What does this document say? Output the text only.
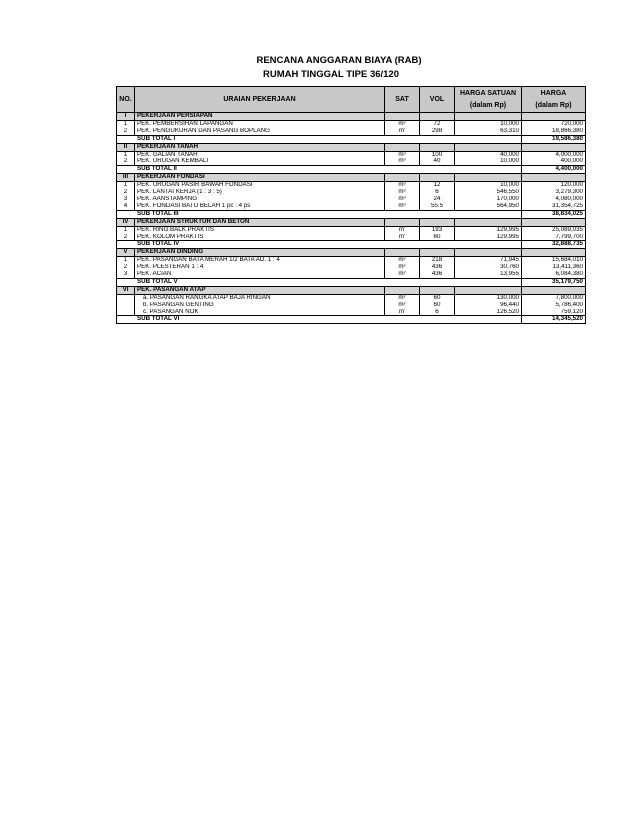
RENCANA ANGGARAN BIAYA (RAB)
RUMAH TINGGAL TIPE 36/120
NO.	URAIAN PEKERJAAN	SAT	VOL	HARGA SATUAN	HARGA
				(dalam Rp)	(dalam Rp)
I	PEKERJAAN PERSIAPAN				
1	PEK. PEMBERSIHAN LAPANGAN	m²	72	10,000	720,000
2	PEK. PENGUKURAN DAN PASANG BOPLANG	m'	298	63,310	18,866,380
SUB TOTAL I					19,586,380
II	PEKERJAAN TANAH				
1	PEK. GALIAN TANAH	m³	100	40,000	4,000,000
2	PEK. URUGAN KEMBALI	m³	40	10,000	400,000
SUB TOTAL II					4,400,000
III	PEKERJAAN FONDASI				
1	PEK. URUGAN PASIR BAWAH FONDASI	m³	12	10,000	120,000
2	PEK. LANTAI KERJA (1 : 3 : 5)	m³	6	546,550	3,279,300
3	PEK. AANSTAMPING	m³	24	170,000	4,080,000
4	PEK. FONDASI BATU BELAH 1 pc : 4 ps	m³	55.5	564,950	31,354,725
SUB TOTAL III					38,834,025
IV	PEKERJAAN STRUKTUR DAN BETON				
1	PEK. RING BALK PRAKTIS	m'	193	129,995	25,089,035
2	PEK. KOLOM PRAKTIS	m'	60	129,995	7,799,700
SUB TOTAL IV					32,888,735
V	PEKERJAAN DINDING				
1	PEK. PASANGAN BATA MERAH 1/2 BATA AD. 1 : 4	m²	218	71,945	15,684,010
2	PEK. PLESTERAN 1 : 4	m²	436	30,760	13,411,360
3	PEK. ACIAN	m²	436	13,955	6,084,380
SUB TOTAL V					35,179,750
VI	PEK. PASANGAN ATAP				
	a. PASANGAN RANGKA ATAP BAJA RINGAN	m²	60	130,000	7,800,000
	b. PASANGAN GENTING	m²	60	96,440	5,786,400
	c. PASANGAN NOK	m'	6	126,520	759,120
SUB TOTAL VI					14,345,520
